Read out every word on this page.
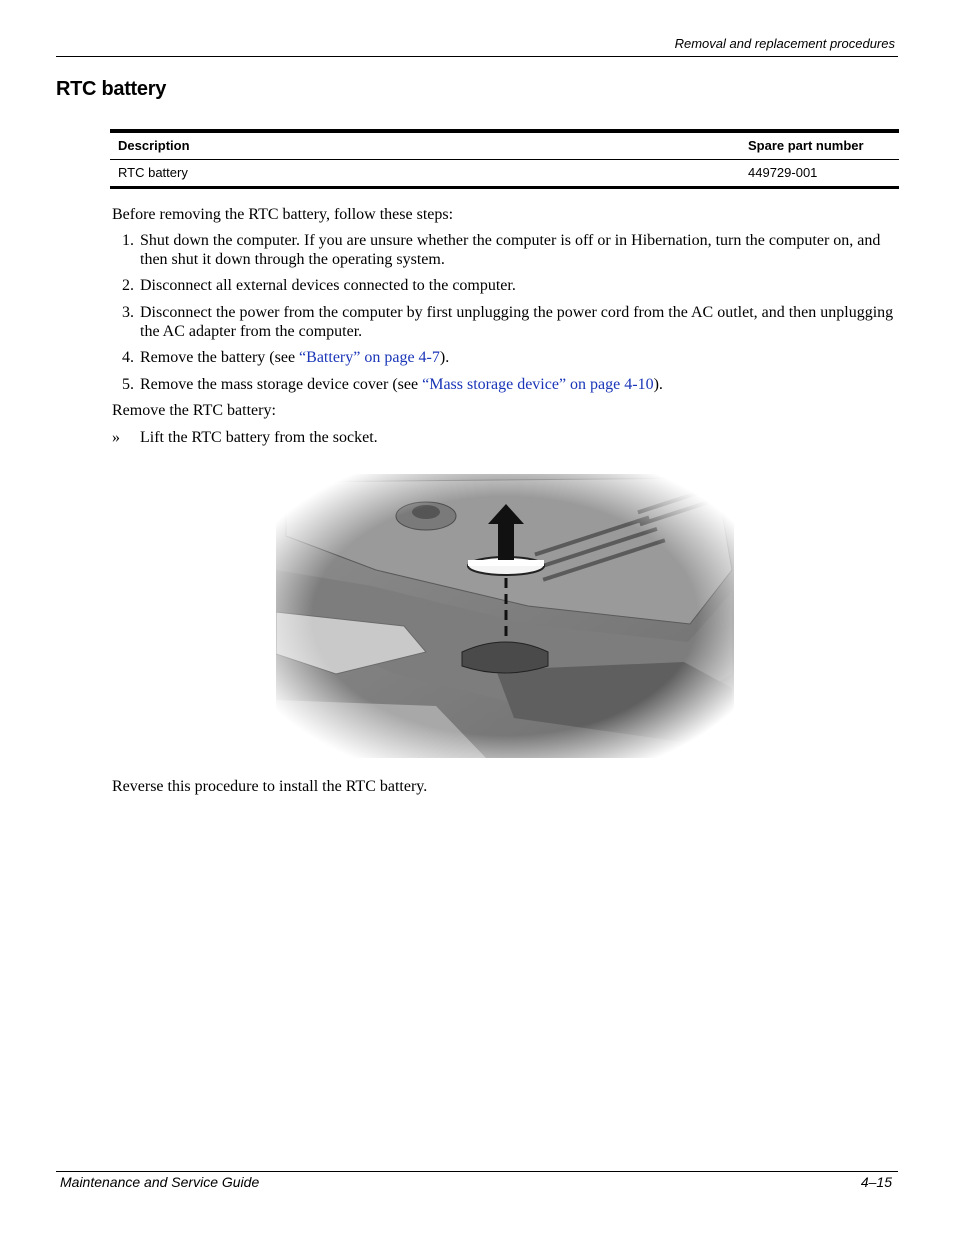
Removal and replacement procedures
RTC battery
Description	Spare part number
RTC battery	449729-001
Before removing the RTC battery, follow these steps:
1. Shut down the computer. If you are unsure whether the computer is off or in Hibernation, turn the computer on, and then shut it down through the operating system.
2. Disconnect all external devices connected to the computer.
3. Disconnect the power from the computer by first unplugging the power cord from the AC outlet, and then unplugging the AC adapter from the computer.
4. Remove the battery (see “Battery” on page 4-7).
5. Remove the mass storage device cover (see “Mass storage device” on page 4-10).
Remove the RTC battery:
» Lift the RTC battery from the socket.
Reverse this procedure to install the RTC battery.
Maintenance and Service Guide	4–15
